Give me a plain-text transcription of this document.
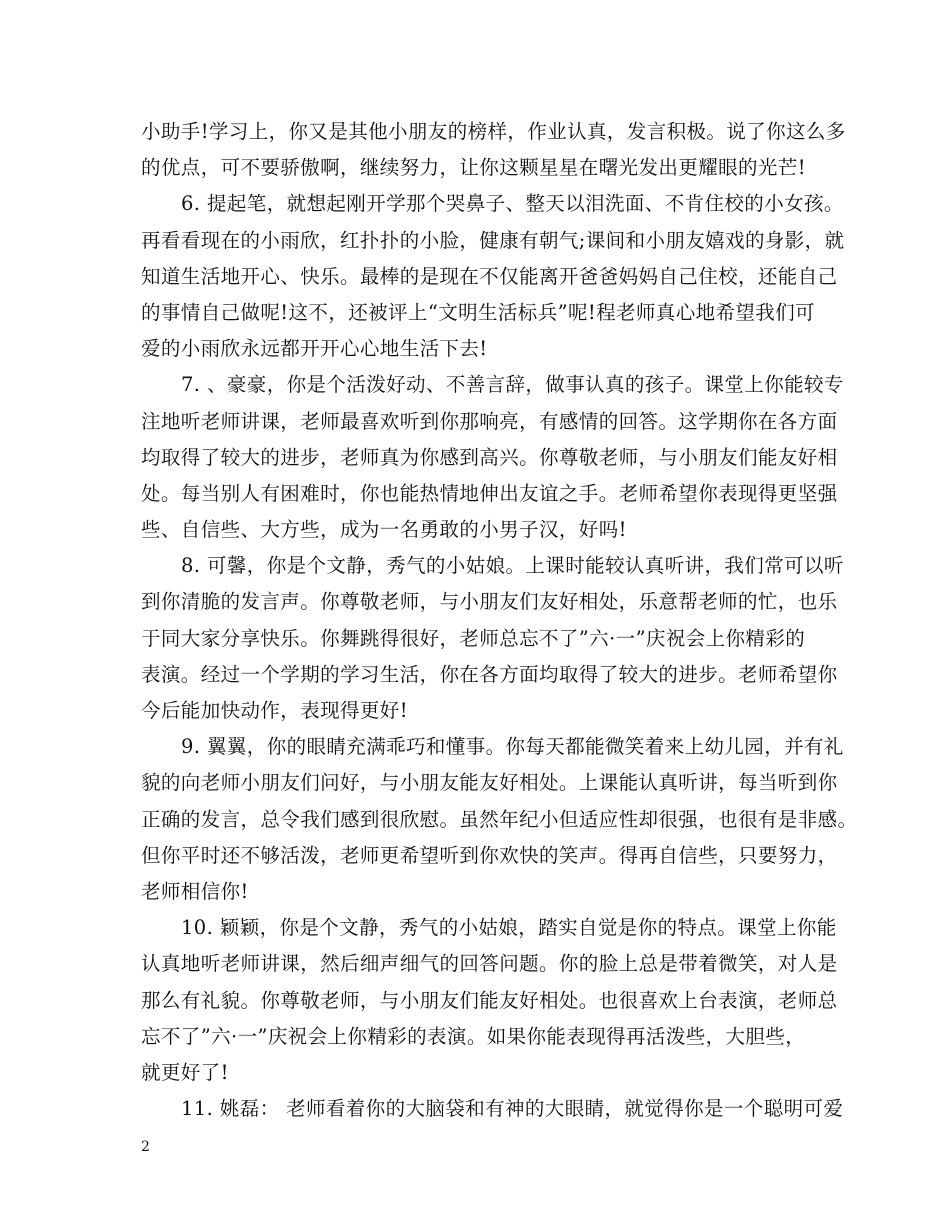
小助手!学习上，你又是其他小朋友的榜样，作业认真，发言积极。说了你这么多
的优点，可不要骄傲啊，继续努力，让你这颗星星在曙光发出更耀眼的光芒!
6. 提起笔，就想起刚开学那个哭鼻子、整天以泪洗面、不肯住校的小女孩。
再看看现在的小雨欣，红扑扑的小脸，健康有朝气;课间和小朋友嬉戏的身影，就
知道生活地开心、快乐。最棒的是现在不仅能离开爸爸妈妈自己住校，还能自己
的事情自己做呢!这不，还被评上“文明生活标兵”呢!程老师真心地希望我们可
爱的小雨欣永远都开开心心地生活下去!
7. 、豪豪，你是个活泼好动、不善言辞，做事认真的孩子。课堂上你能较专
注地听老师讲课，老师最喜欢听到你那响亮，有感情的回答。这学期你在各方面
均取得了较大的进步，老师真为你感到高兴。你尊敬老师，与小朋友们能友好相
处。每当别人有困难时，你也能热情地伸出友谊之手。老师希望你表现得更坚强
些、自信些、大方些，成为一名勇敢的小男子汉，好吗!
8. 可馨，你是个文静，秀气的小姑娘。上课时能较认真听讲，我们常可以听
到你清脆的发言声。你尊敬老师，与小朋友们友好相处，乐意帮老师的忙，也乐
于同大家分享快乐。你舞跳得很好，老师总忘不了”六·一”庆祝会上你精彩的
表演。经过一个学期的学习生活，你在各方面均取得了较大的进步。老师希望你
今后能加快动作，表现得更好!
9. 翼翼，你的眼睛充满乖巧和懂事。你每天都能微笑着来上幼儿园，并有礼
貌的向老师小朋友们问好，与小朋友能友好相处。上课能认真听讲，每当听到你
正确的发言，总令我们感到很欣慰。虽然年纪小但适应性却很强，也很有是非感。
但你平时还不够活泼，老师更希望听到你欢快的笑声。得再自信些，只要努力，
老师相信你!
10. 颖颖，你是个文静，秀气的小姑娘，踏实自觉是你的特点。课堂上你能
认真地听老师讲课，然后细声细气的回答问题。你的脸上总是带着微笑，对人是
那么有礼貌。你尊敬老师，与小朋友们能友好相处。也很喜欢上台表演，老师总
忘不了”六·一”庆祝会上你精彩的表演。如果你能表现得再活泼些，大胆些，
就更好了!
11. 姚磊： 老师看着你的大脑袋和有神的大眼睛，就觉得你是一个聪明可爱
2
